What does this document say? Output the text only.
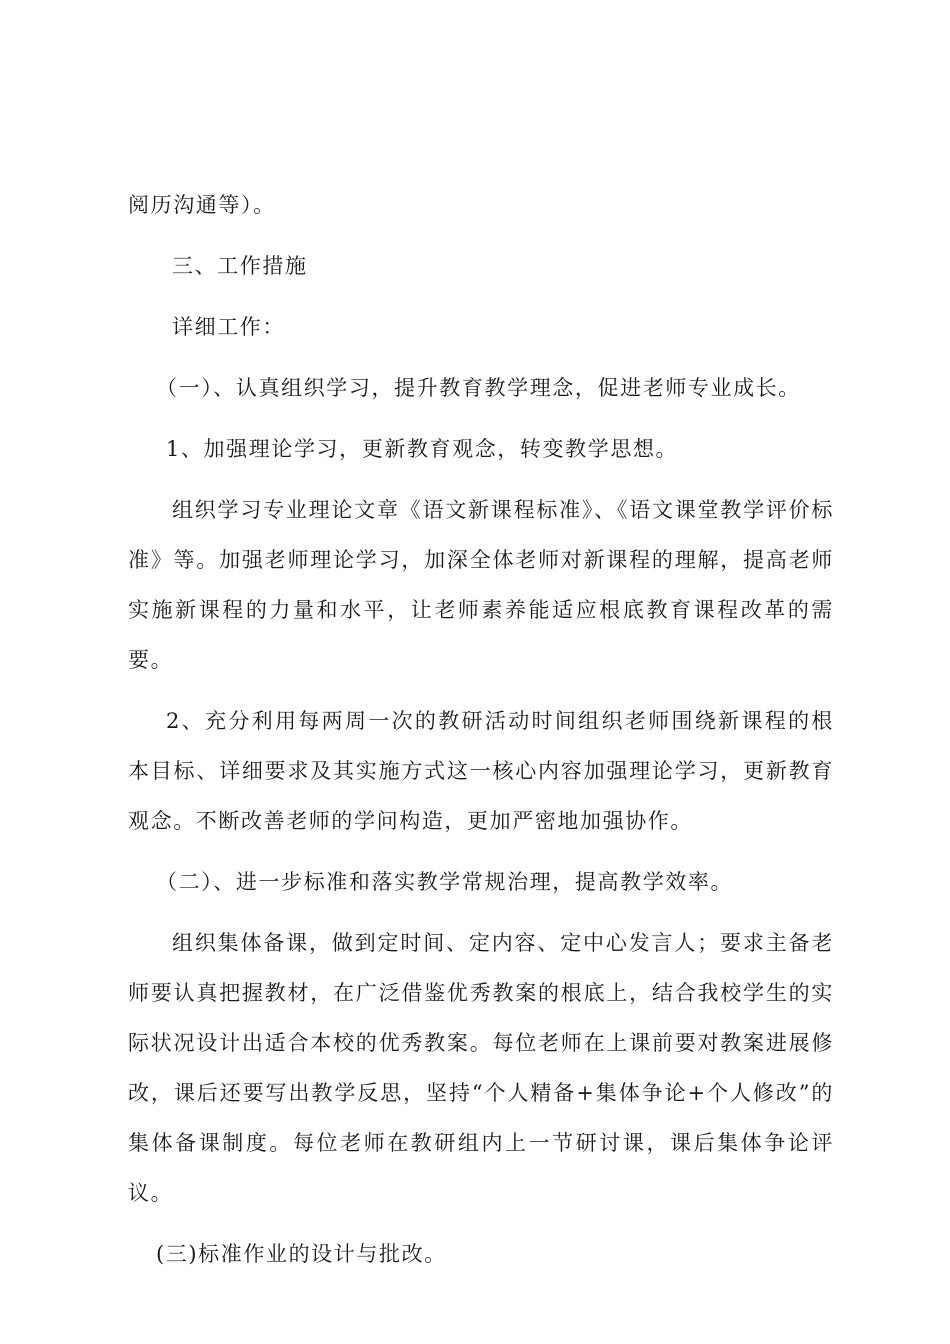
阅历沟通等）。

三、工作措施

详细工作：

（一）、认真组织学习，提升教育教学理念，促进老师专业成长。

1、加强理论学习，更新教育观念，转变教学思想。

组织学习专业理论文章《语文新课程标准》、《语文课堂教学评价标准》等。加强老师理论学习，加深全体老师对新课程的理解，提高老师实施新课程的力量和水平，让老师素养能适应根底教育课程改革的需要。

2、充分利用每两周一次的教研活动时间组织老师围绕新课程的根本目标、详细要求及其实施方式这一核心内容加强理论学习，更新教育观念。不断改善老师的学问构造，更加严密地加强协作。

（二）、进一步标准和落实教学常规治理，提高教学效率。

组织集体备课，做到定时间、定内容、定中心发言人；要求主备老师要认真把握教材，在广泛借鉴优秀教案的根底上，结合我校学生的实际状况设计出适合本校的优秀教案。每位老师在上课前要对教案进展修改，课后还要写出教学反思，坚持“个人精备+集体争论+个人修改”的集体备课制度。每位老师在教研组内上一节研讨课，课后集体争论评议。

(三)标准作业的设计与批改。
